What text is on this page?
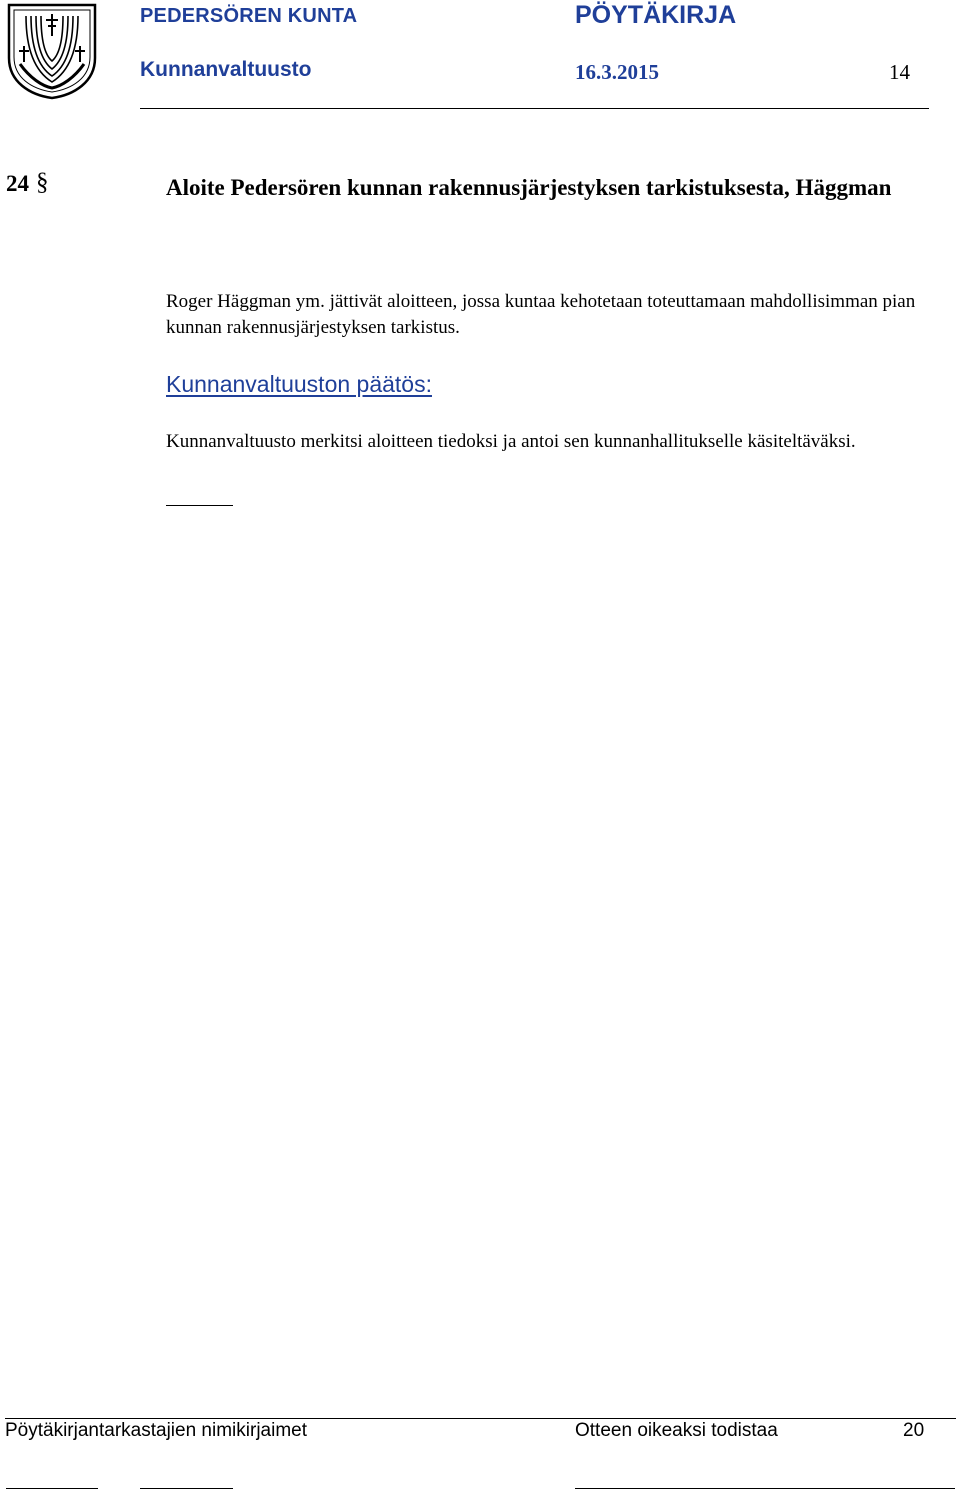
PEDERSÖREN KUNTA	PÖYTÄKIRJA
Kunnanvaltuusto	16.3.2015	14
24 §	Aloite Pedersören kunnan rakennusjärjestyksen tarkistuksesta, Häggman
Roger Häggman ym. jättivät aloitteen, jossa kuntaa kehotetaan toteuttamaan mahdollisimman pian kunnan rakennusjärjestyksen tarkistus.
Kunnanvaltuuston päätös:
Kunnanvaltuusto merkitsi aloitteen tiedoksi ja antoi sen kunnanhallitukselle käsiteltäväksi.
Pöytäkirjantarkastajien nimikirjaimet	Otteen oikeaksi todistaa	20
